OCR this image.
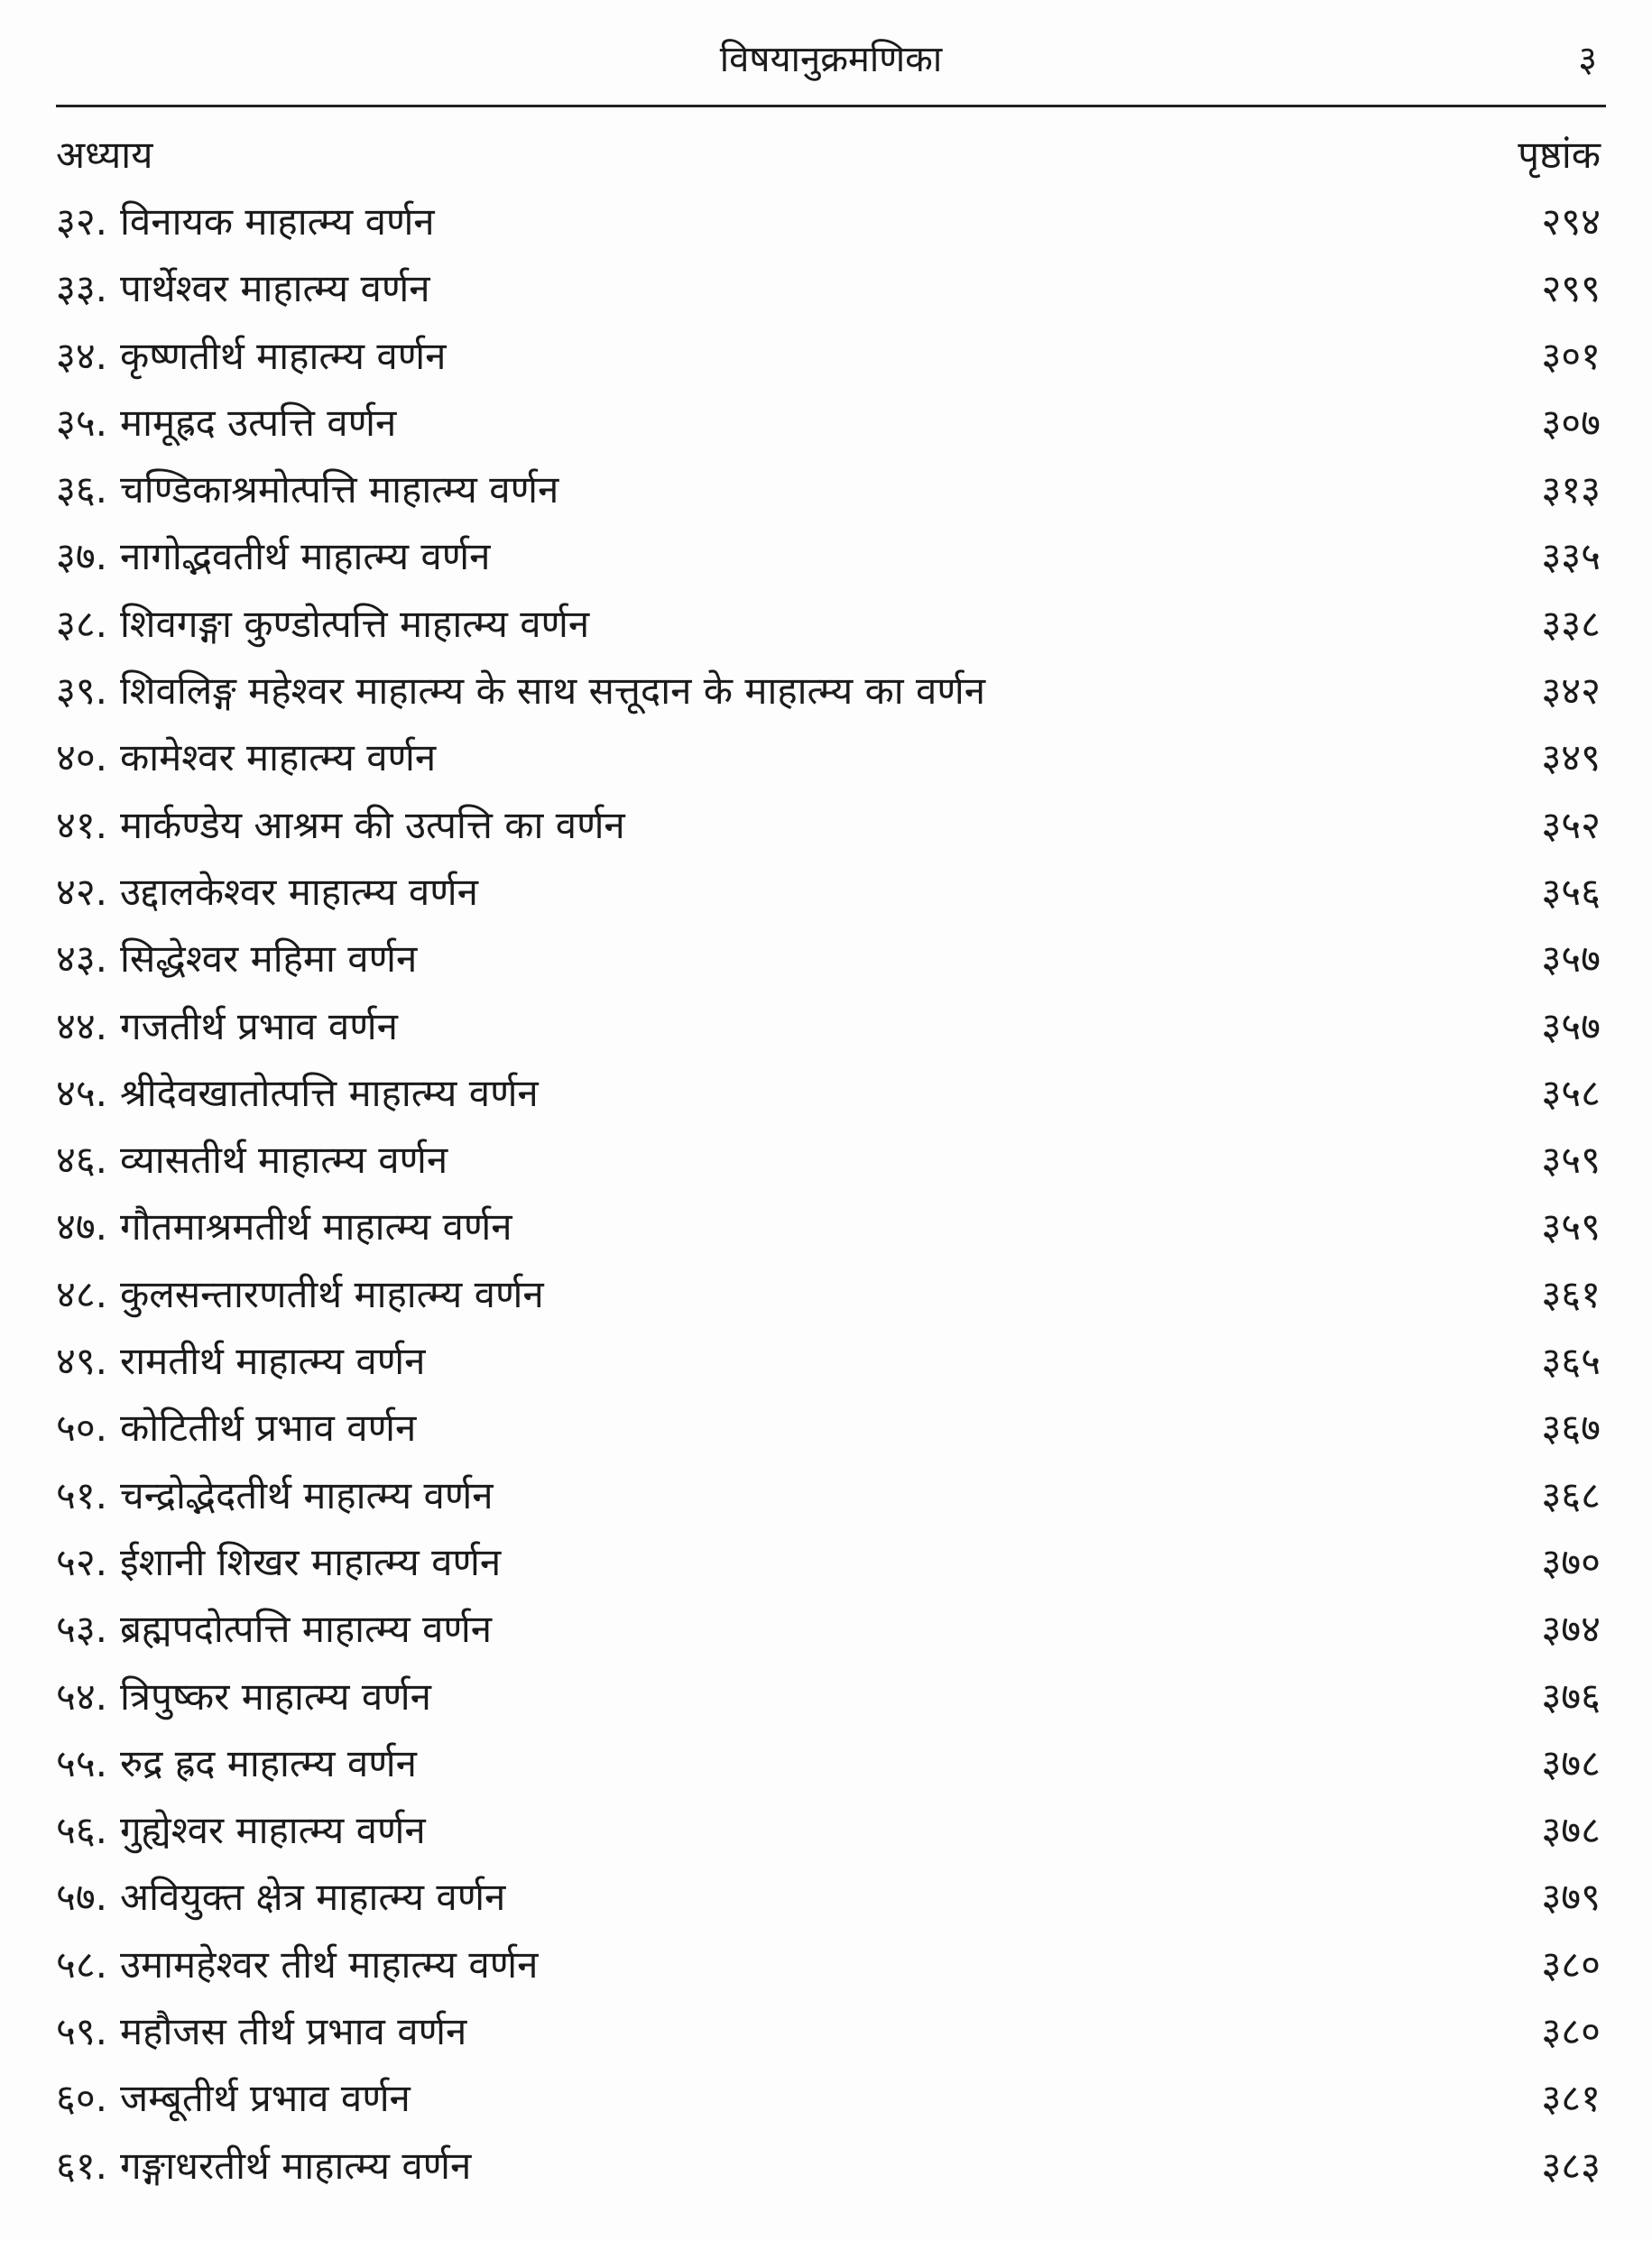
विषयानुक्रमणिका	३
अध्याय	पृष्ठांक
३२. विनायक माहात्म्य वर्णन	२९४
३३. पार्थेश्वर माहात्म्य वर्णन	२९९
३४. कृष्णतीर्थ माहात्म्य वर्णन	३०१
३५. मामूह्रद उत्पत्ति वर्णन	३०७
३६. चण्डिकाश्रमोत्पत्ति माहात्म्य वर्णन	३१३
३७. नागोद्भवतीर्थ माहात्म्य वर्णन	३३५
३८. शिवगङ्गा कुण्डोत्पत्ति माहात्म्य वर्णन	३३८
३९. शिवलिङ्ग महेश्वर माहात्म्य के साथ सत्तूदान के माहात्म्य का वर्णन	३४२
४०. कामेश्वर माहात्म्य वर्णन	३४९
४१. मार्कण्डेय आश्रम की उत्पत्ति का वर्णन	३५२
४२. उद्दालकेश्वर माहात्म्य वर्णन	३५६
४३. सिद्धेश्वर महिमा वर्णन	३५७
४४. गजतीर्थ प्रभाव वर्णन	३५७
४५. श्रीदेवखातोत्पत्ति माहात्म्य वर्णन	३५८
४६. व्यासतीर्थ माहात्म्य वर्णन	३५९
४७. गौतमाश्रमतीर्थ माहात्म्य वर्णन	३५९
४८. कुलसन्तारणतीर्थ माहात्म्य वर्णन	३६१
४९. रामतीर्थ माहात्म्य वर्णन	३६५
५०. कोटितीर्थ प्रभाव वर्णन	३६७
५१. चन्द्रोद्भेदतीर्थ माहात्म्य वर्णन	३६८
५२. ईशानी शिखर माहात्म्य वर्णन	३७०
५३. ब्रह्मपदोत्पत्ति माहात्म्य वर्णन	३७४
५४. त्रिपुष्कर माहात्म्य वर्णन	३७६
५५. रुद्र ह्रद माहात्म्य वर्णन	३७८
५६. गुह्येश्वर माहात्म्य वर्णन	३७८
५७. अवियुक्त क्षेत्र माहात्म्य वर्णन	३७९
५८. उमामहेश्वर तीर्थ माहात्म्य वर्णन	३८०
५९. महौजस तीर्थ प्रभाव वर्णन	३८०
६०. जम्बूतीर्थ प्रभाव वर्णन	३८१
६१. गङ्गाधरतीर्थ माहात्म्य वर्णन	३८३
